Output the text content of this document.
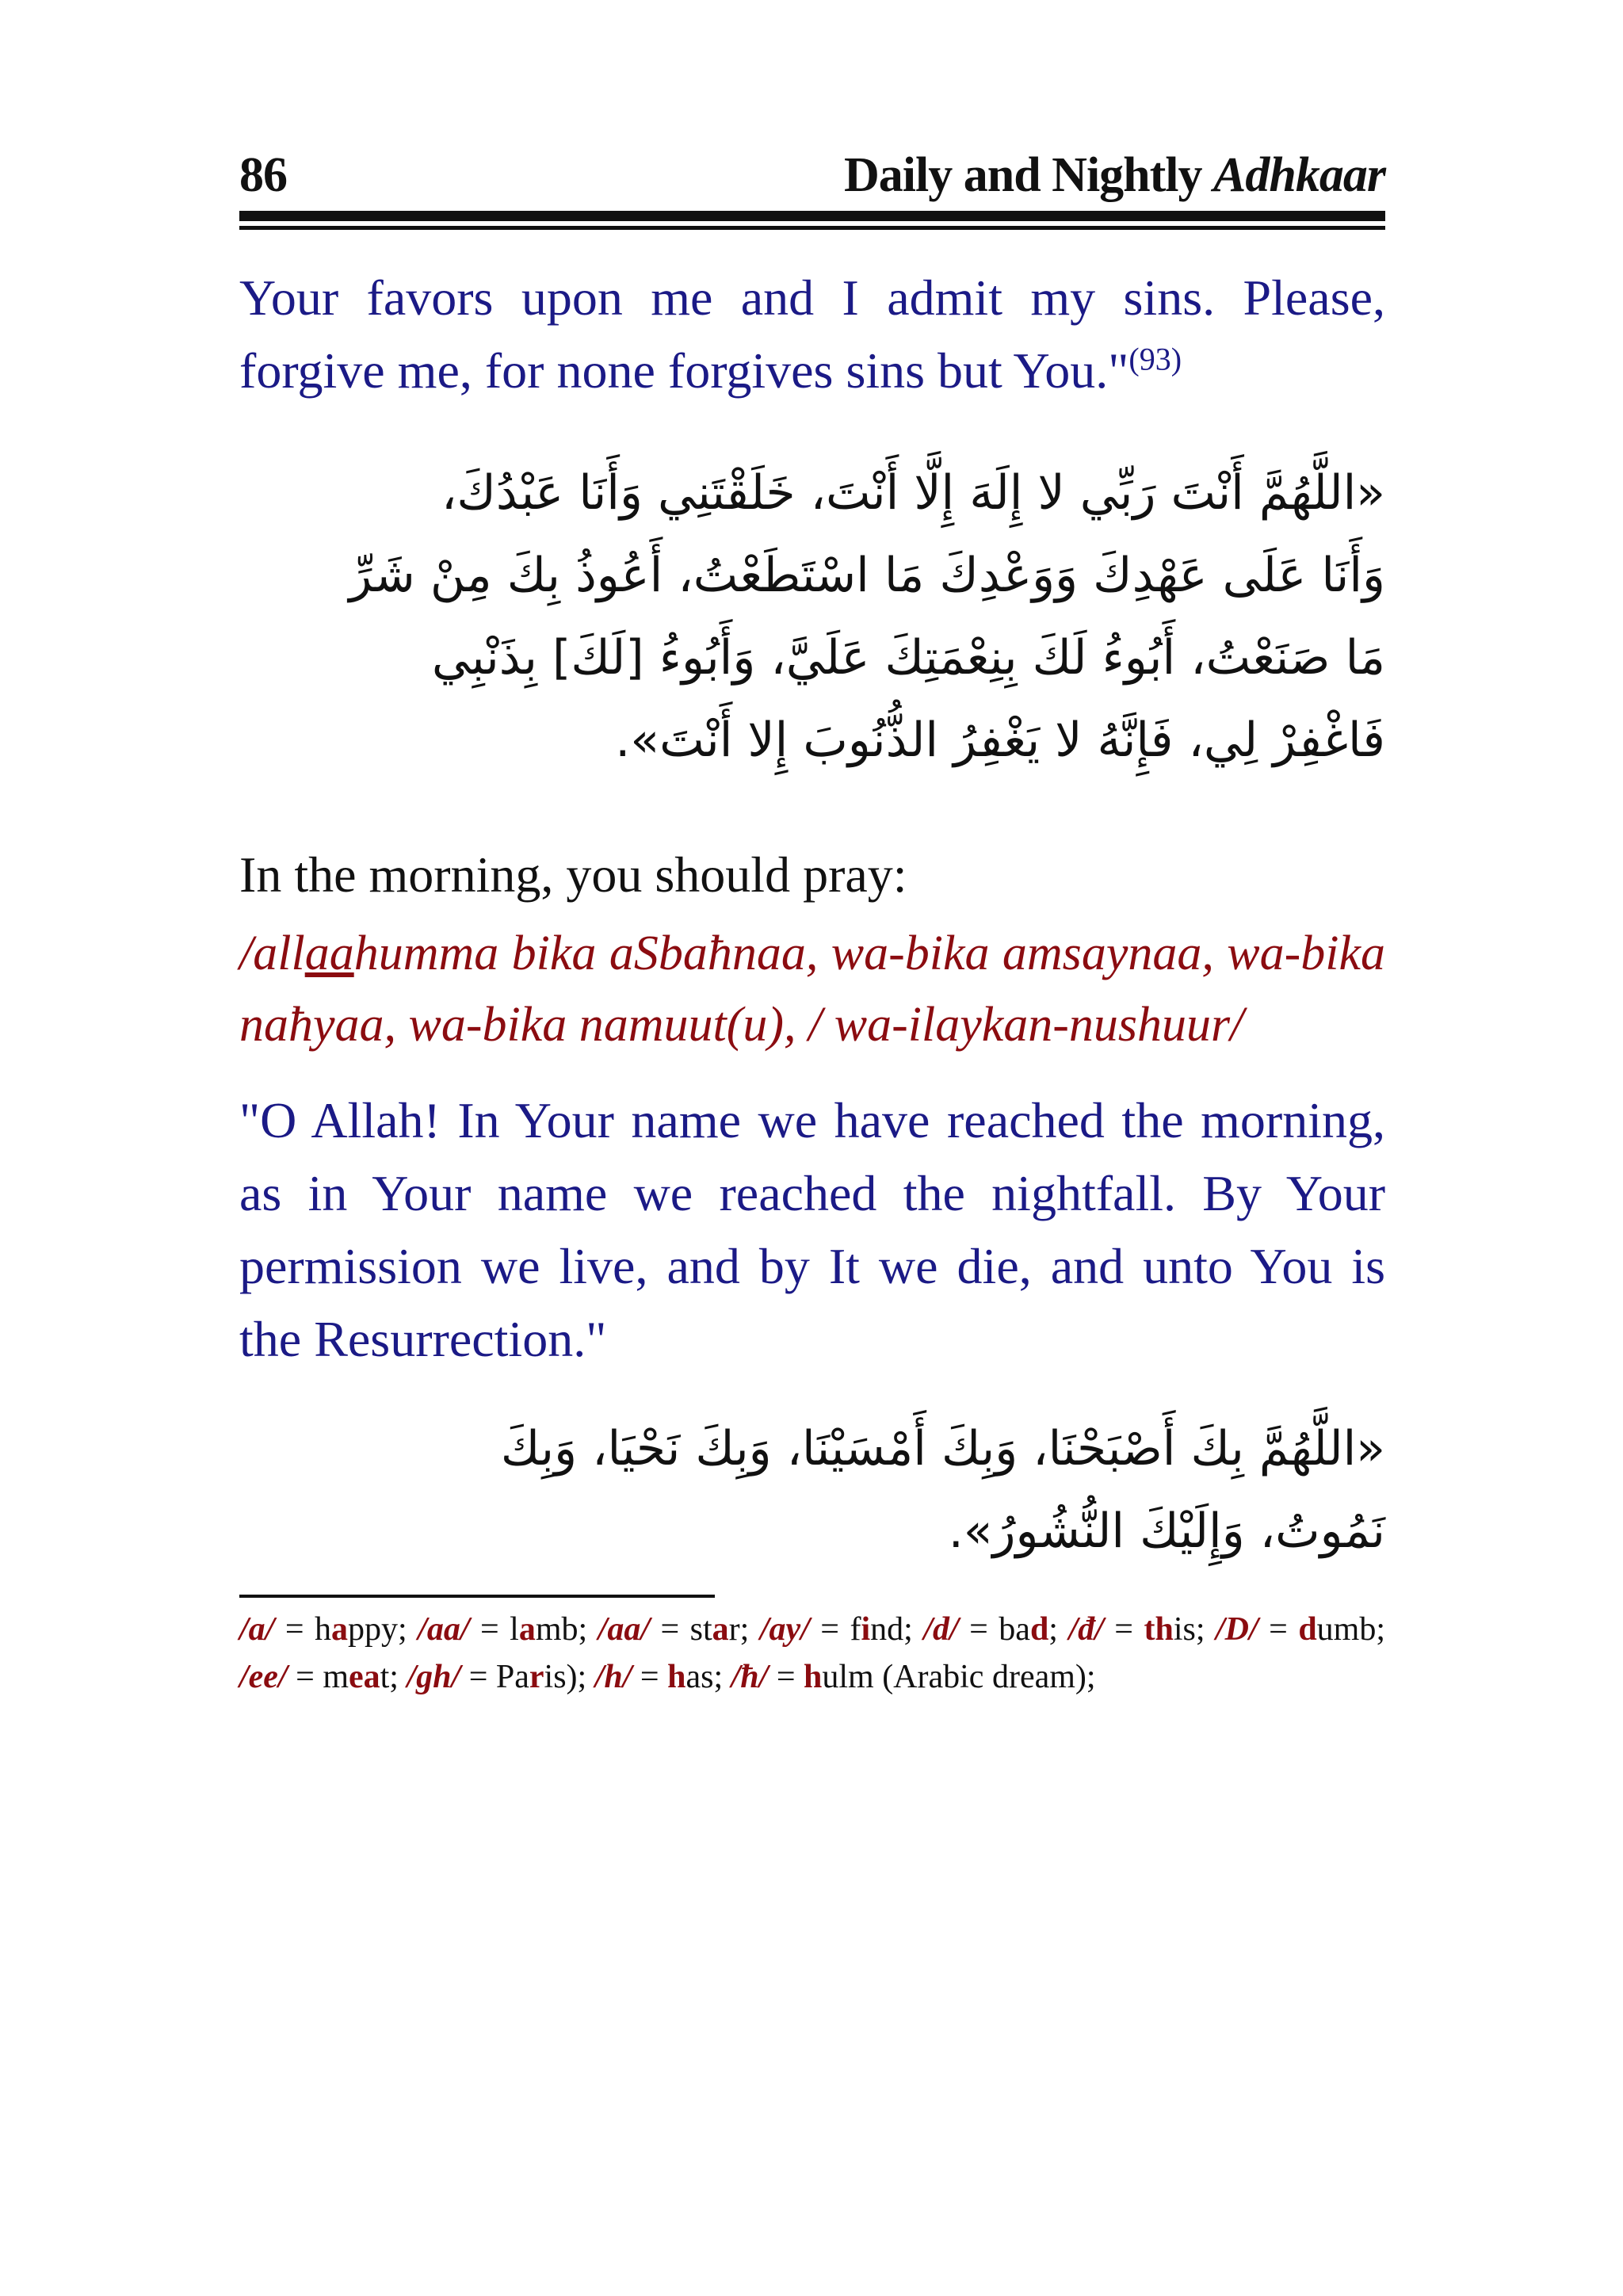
86	Daily and Nightly Adhkaar

Your favors upon me and I admit my sins. Please, forgive me, for none forgives sins but You."$^{(93)}$

«اللَّهُمَّ أَنْتَ رَبِّي لا إِلَهَ إِلَّا أَنْتَ، خَلَقْتَنِي وَأَنَا عَبْدُكَ،

وَأَنَا عَلَى عَهْدِكَ وَوَعْدِكَ مَا اسْتَطَعْتُ، أَعُوذُ بِكَ مِنْ شَرِّ

مَا صَنَعْتُ، أَبُوءُ لَكَ بِنِعْمَتِكَ عَلَيَّ، وَأَبُوءُ [لَكَ] بِذَنْبِي

فَاغْفِرْ لِي، فَإِنَّهُ لا يَغْفِرُ الذُّنُوبَ إِلا أَنْتَ».

In the morning, you should pray:

/allaahumma bika aSbaħnaa, wa-bika amsaynaa, wa-bika naħyaa, wa-bika namuut(u), / wa-ilaykan-nushuur/

"O Allah! In Your name we have reached the morning, as in Your name we reached the nightfall. By Your permission we live, and by It we die, and unto You is the Resurrection."

«اللَّهُمَّ بِكَ أَصْبَحْنَا، وَبِكَ أَمْسَيْنَا، وَبِكَ نَحْيَا، وَبِكَ

نَمُوتُ، وَإِلَيْكَ النُّشُورُ».

/a/ = happy; /aa/ = lamb; /aa/ = star; /ay/ = find; /d/ = bad; /đ/ = this; /D/ = dumb; /ee/ = meat; /gh/ = Paris); /h/ = has; /ħ/ = hulm (Arabic dream);
